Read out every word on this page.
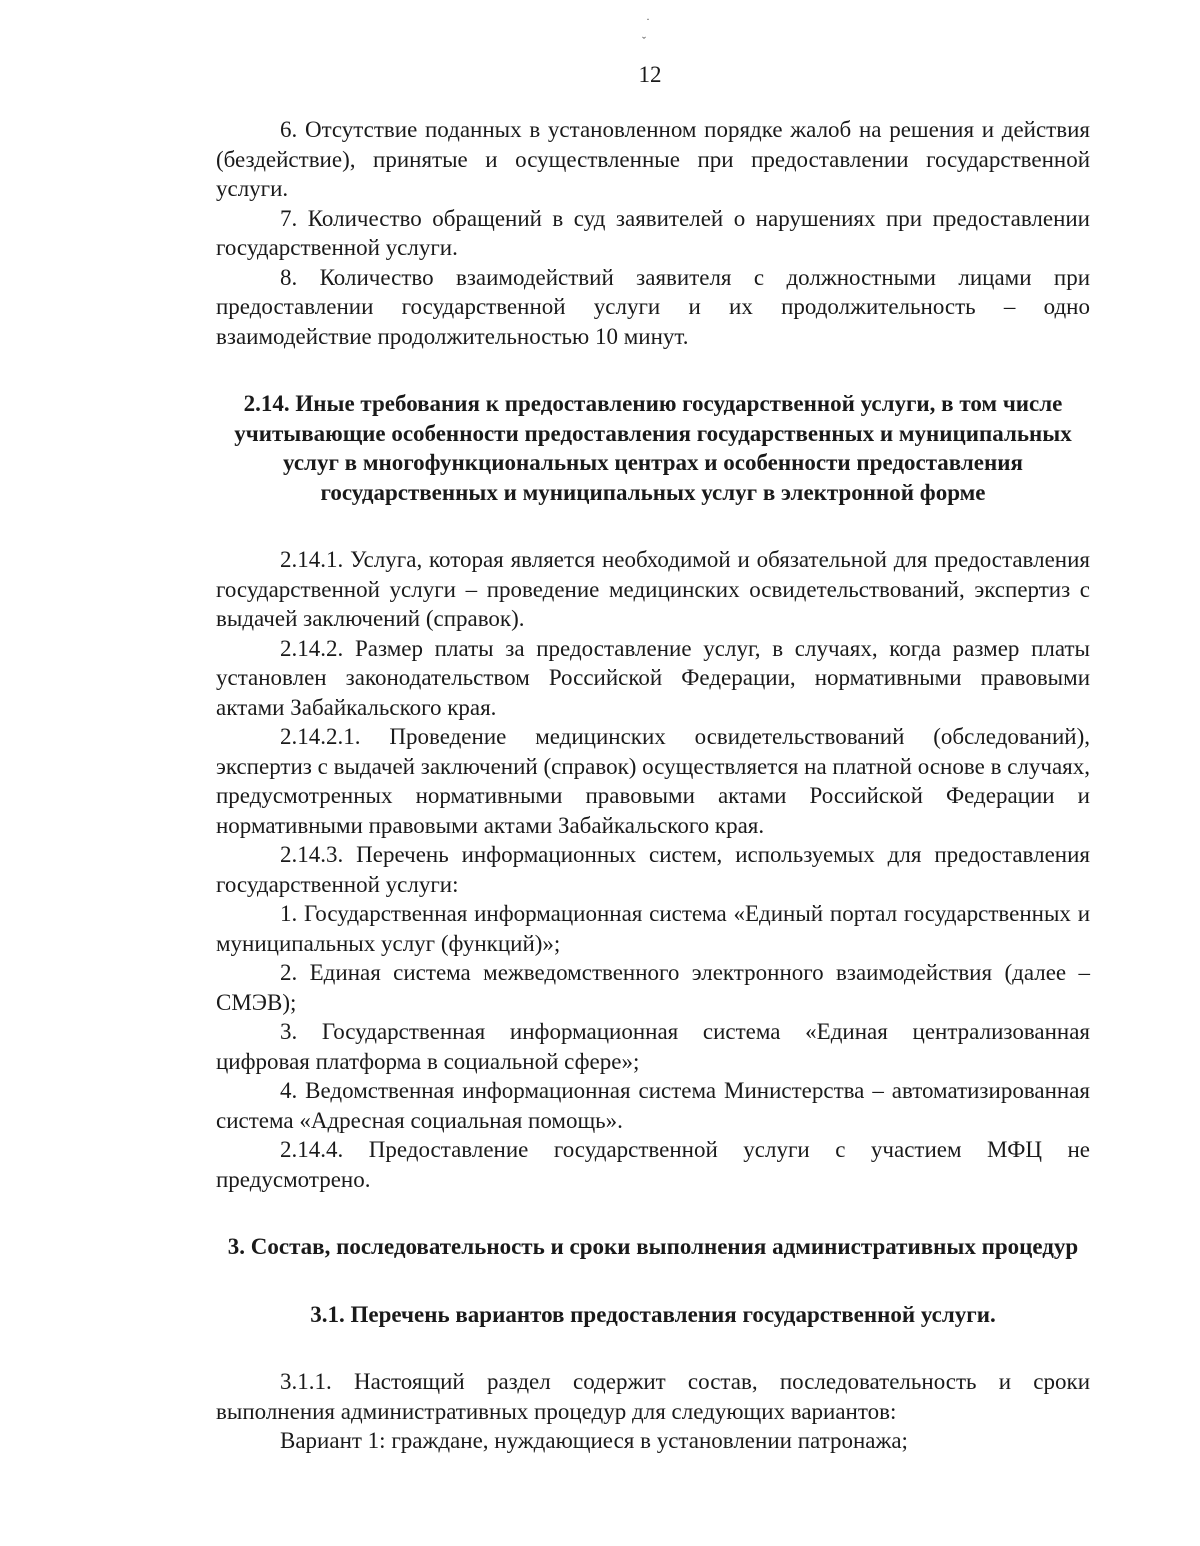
·
ˇ
12

6. Отсутствие поданных в установленном порядке жалоб на решения и действия (бездействие), принятые и осуществленные при предоставлении государственной услуги.

7. Количество обращений в суд заявителей о нарушениях при предоставлении государственной услуги.

8. Количество взаимодействий заявителя с должностными лицами при предоставлении государственной услуги и их продолжительность – одно взаимодействие продолжительностью 10 минут.

2.14. Иные требования к предоставлению государственной услуги, в том числе учитывающие особенности предоставления государственных и муниципальных услуг в многофункциональных центрах и особенности предоставления государственных и муниципальных услуг в электронной форме

2.14.1. Услуга, которая является необходимой и обязательной для предоставления государственной услуги – проведение медицинских освидетельствований, экспертиз с выдачей заключений (справок).

2.14.2. Размер платы за предоставление услуг, в случаях, когда размер платы установлен законодательством Российской Федерации, нормативными правовыми актами Забайкальского края.

2.14.2.1. Проведение медицинских освидетельствований (обследований), экспертиз с выдачей заключений (справок) осуществляется на платной основе в случаях, предусмотренных нормативными правовыми актами Российской Федерации и нормативными правовыми актами Забайкальского края.

2.14.3. Перечень информационных систем, используемых для предоставления государственной услуги:

1. Государственная информационная система «Единый портал государственных и муниципальных услуг (функций)»;

2. Единая система межведомственного электронного взаимодействия (далее – СМЭВ);

3. Государственная информационная система «Единая централизованная цифровая платформа в социальной сфере»;

4. Ведомственная информационная система Министерства – автоматизированная система «Адресная социальная помощь».

2.14.4. Предоставление государственной услуги с участием МФЦ не предусмотрено.

3. Состав, последовательность и сроки выполнения административных процедур

3.1. Перечень вариантов предоставления государственной услуги.

3.1.1. Настоящий раздел содержит состав, последовательность и сроки выполнения административных процедур для следующих вариантов:

Вариант 1: граждане, нуждающиеся в установлении патронажа;
